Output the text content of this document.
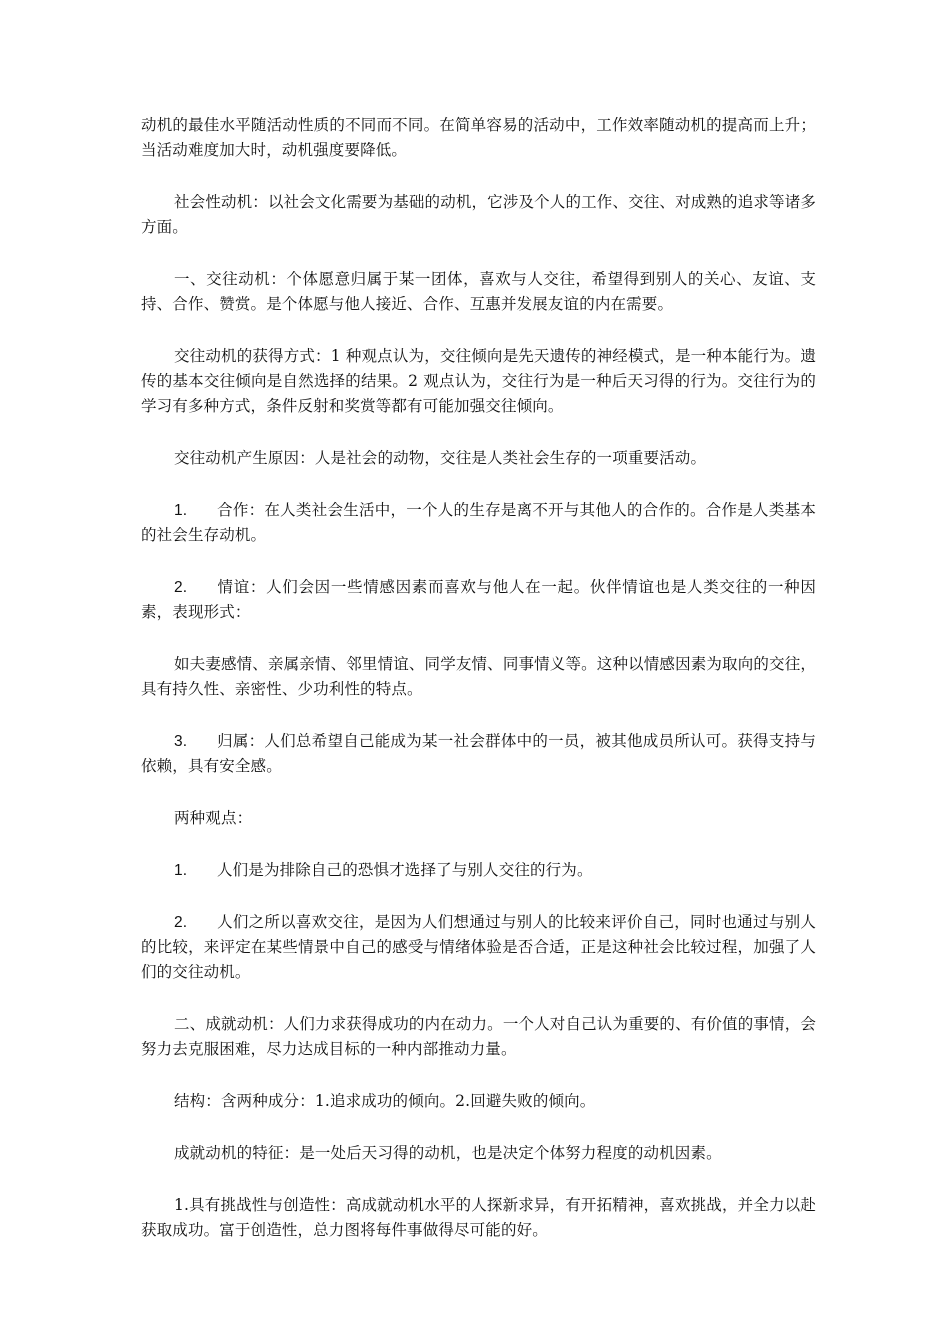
动机的最佳水平随活动性质的不同而不同。在简单容易的活动中，工作效率随动机的提高而上升；当活动难度加大时，动机强度要降低。

社会性动机：以社会文化需要为基础的动机，它涉及个人的工作、交往、对成熟的追求等诸多方面。

一、交往动机：个体愿意归属于某一团体，喜欢与人交往，希望得到别人的关心、友谊、支持、合作、赞赏。是个体愿与他人接近、合作、互惠并发展友谊的内在需要。

交往动机的获得方式：1 种观点认为，交往倾向是先天遗传的神经模式，是一种本能行为。遗传的基本交往倾向是自然选择的结果。2 观点认为，交往行为是一种后天习得的行为。交往行为的学习有多种方式，条件反射和奖赏等都有可能加强交往倾向。

交往动机产生原因：人是社会的动物，交往是人类社会生存的一项重要活动。

1. 合作：在人类社会生活中，一个人的生存是离不开与其他人的合作的。合作是人类基本的社会生存动机。

2. 情谊：人们会因一些情感因素而喜欢与他人在一起。伙伴情谊也是人类交往的一种因素，表现形式：

如夫妻感情、亲属亲情、邻里情谊、同学友情、同事情义等。这种以情感因素为取向的交往，具有持久性、亲密性、少功利性的特点。

3. 归属：人们总希望自己能成为某一社会群体中的一员，被其他成员所认可。获得支持与依赖，具有安全感。

两种观点：

1. 人们是为排除自己的恐惧才选择了与别人交往的行为。

2. 人们之所以喜欢交往，是因为人们想通过与别人的比较来评价自己，同时也通过与别人的比较，来评定在某些情景中自己的感受与情绪体验是否合适，正是这种社会比较过程，加强了人们的交往动机。

二、成就动机：人们力求获得成功的内在动力。一个人对自己认为重要的、有价值的事情，会努力去克服困难，尽力达成目标的一种内部推动力量。

结构：含两种成分：1.追求成功的倾向。2.回避失败的倾向。

成就动机的特征：是一处后天习得的动机，也是决定个体努力程度的动机因素。

1.具有挑战性与创造性：高成就动机水平的人探新求异，有开拓精神，喜欢挑战，并全力以赴获取成功。富于创造性，总力图将每件事做得尽可能的好。
